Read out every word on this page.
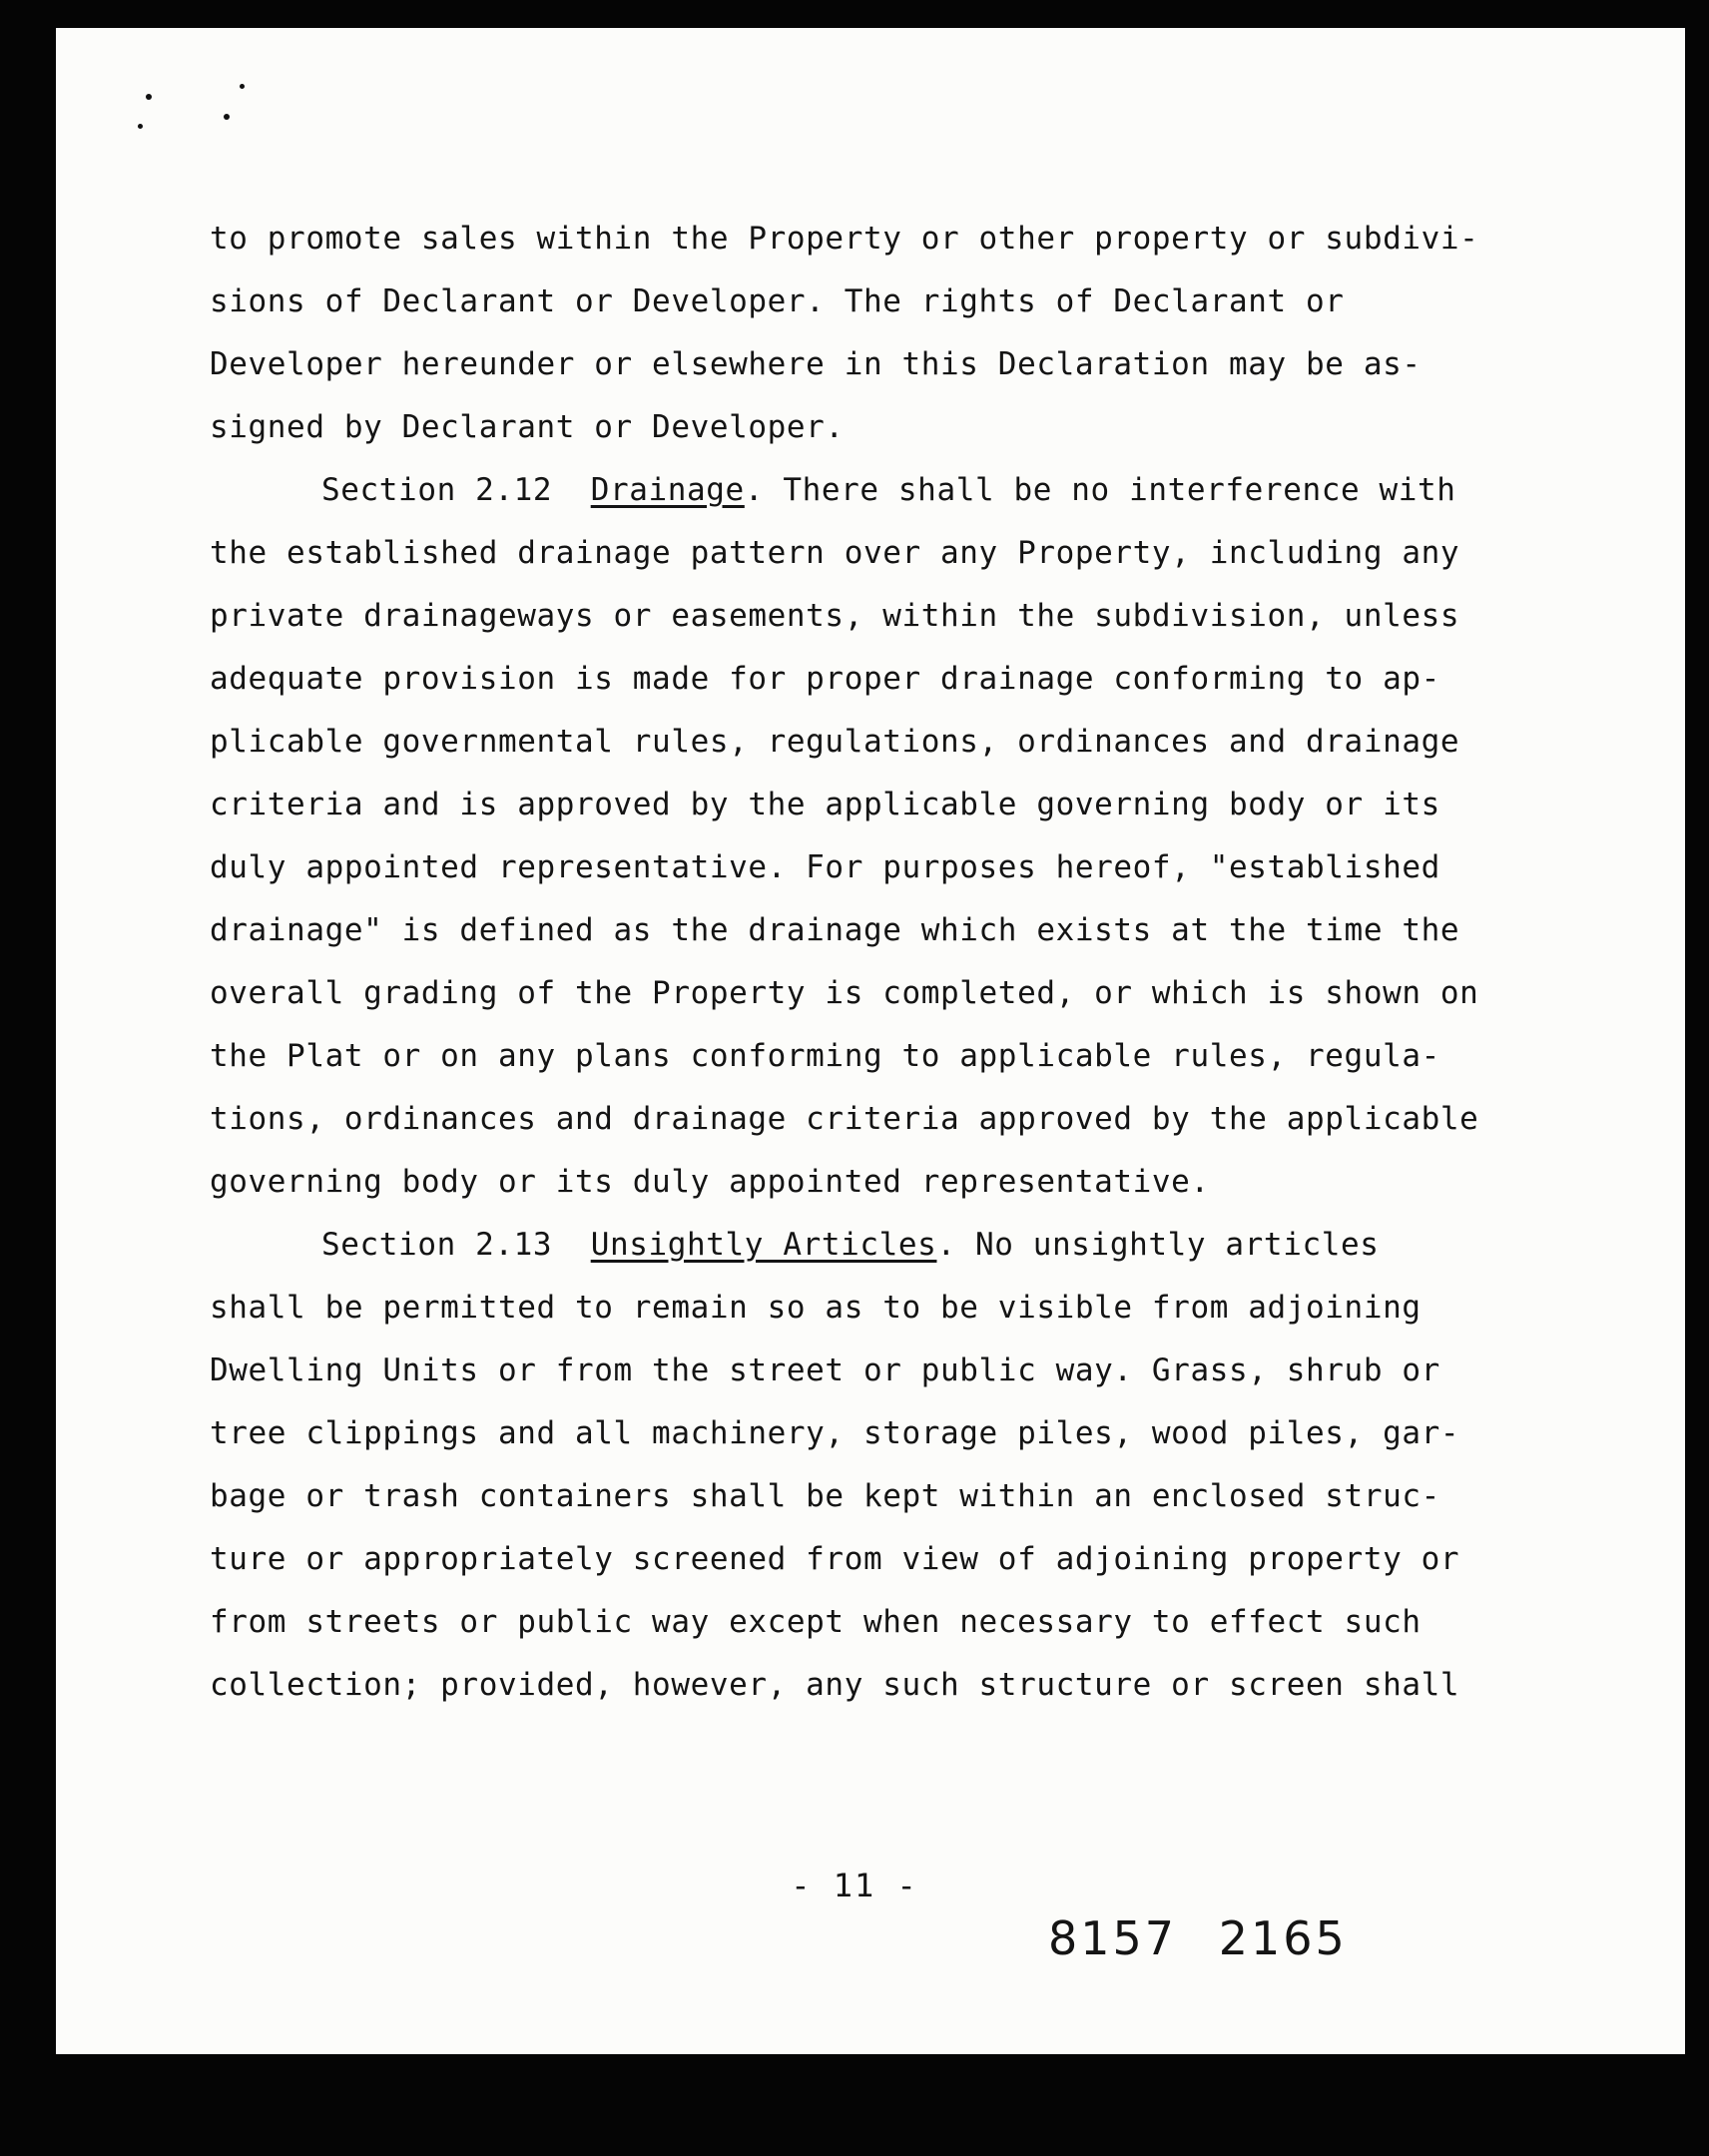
to promote sales within the Property or other property or subdivi-
sions of Declarant or Developer. The rights of Declarant or
Developer hereunder or elsewhere in this Declaration may be as-
signed by Declarant or Developer.
Section 2.12 Drainage. There shall be no interference with
the established drainage pattern over any Property, including any
private drainageways or easements, within the subdivision, unless
adequate provision is made for proper drainage conforming to ap-
plicable governmental rules, regulations, ordinances and drainage
criteria and is approved by the applicable governing body or its
duly appointed representative. For purposes hereof, "established
drainage" is defined as the drainage which exists at the time the
overall grading of the Property is completed, or which is shown on
the Plat or on any plans conforming to applicable rules, regula-
tions, ordinances and drainage criteria approved by the applicable
governing body or its duly appointed representative.
Section 2.13 Unsightly Articles. No unsightly articles
shall be permitted to remain so as to be visible from adjoining
Dwelling Units or from the street or public way. Grass, shrub or
tree clippings and all machinery, storage piles, wood piles, gar-
bage or trash containers shall be kept within an enclosed struc-
ture or appropriately screened from view of adjoining property or
from streets or public way except when necessary to effect such
collection; provided, however, any such structure or screen shall
- 11 -
8157 2165
